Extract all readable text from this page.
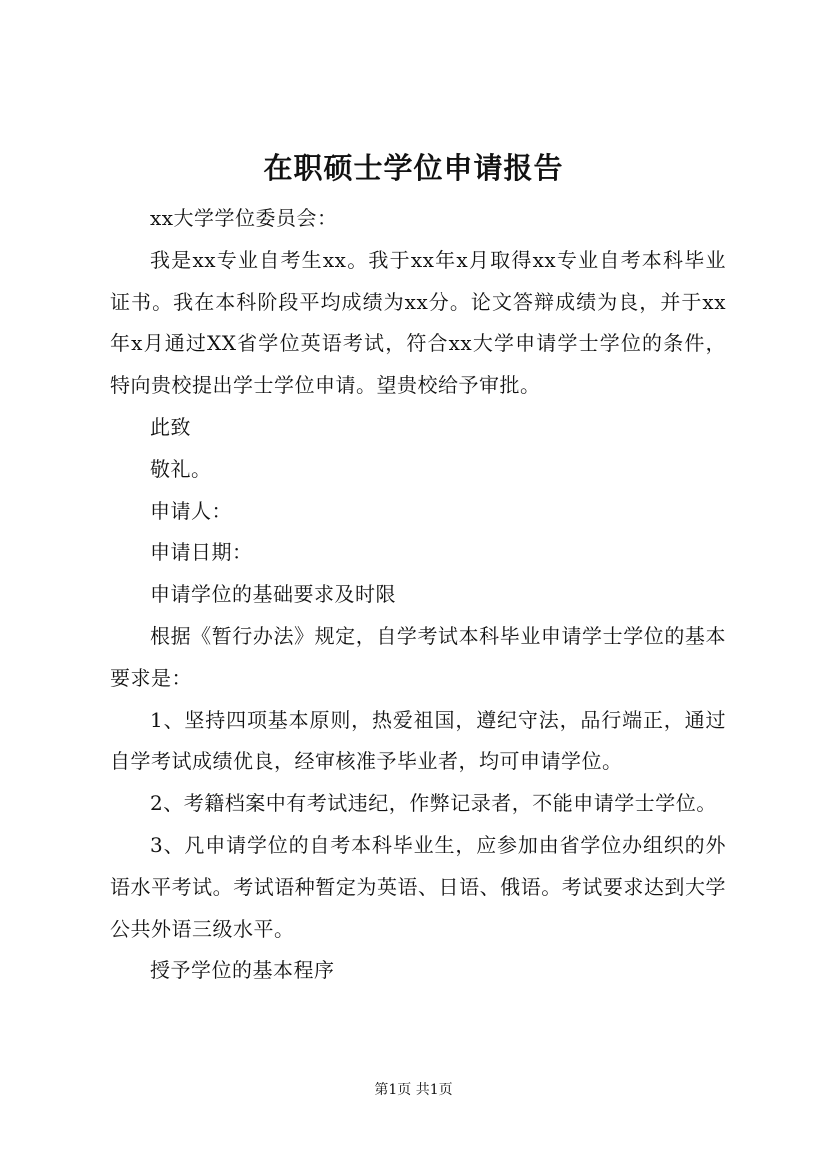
在职硕士学位申请报告

xx大学学位委员会：

我是xx专业自考生xx。我于xx年x月取得xx专业自考本科毕业证书。我在本科阶段平均成绩为xx分。论文答辩成绩为良，并于xx年x月通过XX省学位英语考试，符合xx大学申请学士学位的条件，特向贵校提出学士学位申请。望贵校给予审批。

此致

敬礼。

申请人：

申请日期：

申请学位的基础要求及时限

根据《暂行办法》规定，自学考试本科毕业申请学士学位的基本要求是：

1、坚持四项基本原则，热爱祖国，遵纪守法，品行端正，通过自学考试成绩优良，经审核准予毕业者，均可申请学位。

2、考籍档案中有考试违纪，作弊记录者，不能申请学士学位。

3、凡申请学位的自考本科毕业生，应参加由省学位办组织的外语水平考试。考试语种暂定为英语、日语、俄语。考试要求达到大学公共外语三级水平。

授予学位的基本程序

第1页 共1页
